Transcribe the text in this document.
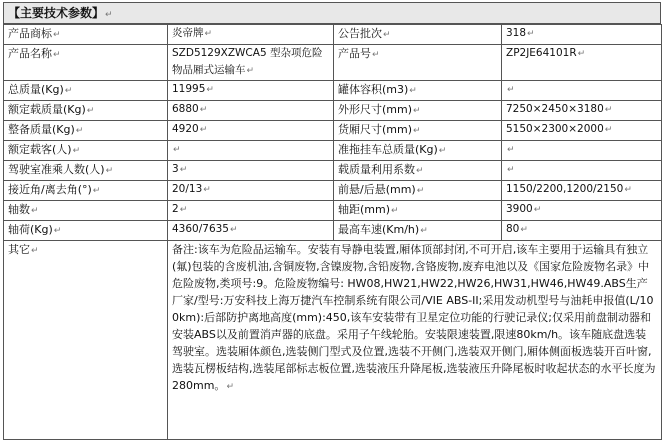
【主要技术参数】↵
产品商标↵	炎帝牌↵	公告批次↵	318↵
产品名称↵	SZD5129XZWCA5 型杂项危险物品厢式运输车↵	产品号↵	ZP2JE64101R↵
总质量(Kg)↵	11995↵	罐体容积(m3)↵	↵
额定载质量(Kg)↵	6880↵	外形尺寸(mm)↵	7250×2450×3180↵
整备质量(Kg)↵	4920↵	货厢尺寸(mm)↵	5150×2300×2000↵
额定载客(人)↵	↵	准拖挂车总质量(Kg)↵	↵
驾驶室准乘人数(人)↵	3↵	载质量利用系数↵	↵
接近角/离去角(°)↵	20/13↵	前悬/后悬(mm)↵	1150/2200,1200/2150↵
轴数↵	2↵	轴距(mm)↵	3900↵
轴荷(Kg)↵	4360/7635↵	最高车速(Km/h)↵	80↵
其它↵	备注:该车为危险品运输车。安装有导静电装置,厢体顶部封闭,不可开启,该车主要用于运输具有独立(氟)包装的含废机油,含铜废物,含镍废物,含铅废物,含铬废物,废弃电池以及《国家危险废物名录》中危险废物,类项号:9。危险废物编号: HW08,HW21,HW22,HW26,HW31,HW46,HW49.ABS生产厂家/型号:万安科技上海万捷汽车控制系统有限公司/VIE ABS-II;采用发动机型号与油耗申报值(L/100km):后部防护离地高度(mm):450,该车安装带有卫星定位功能的行驶记录仪;仅采用前盘制动器和安装ABS以及前置消声器的底盘。采用子午线轮胎。安装限速装置,限速80km/h。该车随底盘选装驾驶室。选装厢体颜色,选装侧门型式及位置,选装不开侧门,选装双开侧门,厢体侧面板选装开百叶窗,选装瓦楞板结构,选装尾部标志板位置,选装液压升降尾板,选装液压升降尾板时收起状态的水平长度为280mm。↵		
